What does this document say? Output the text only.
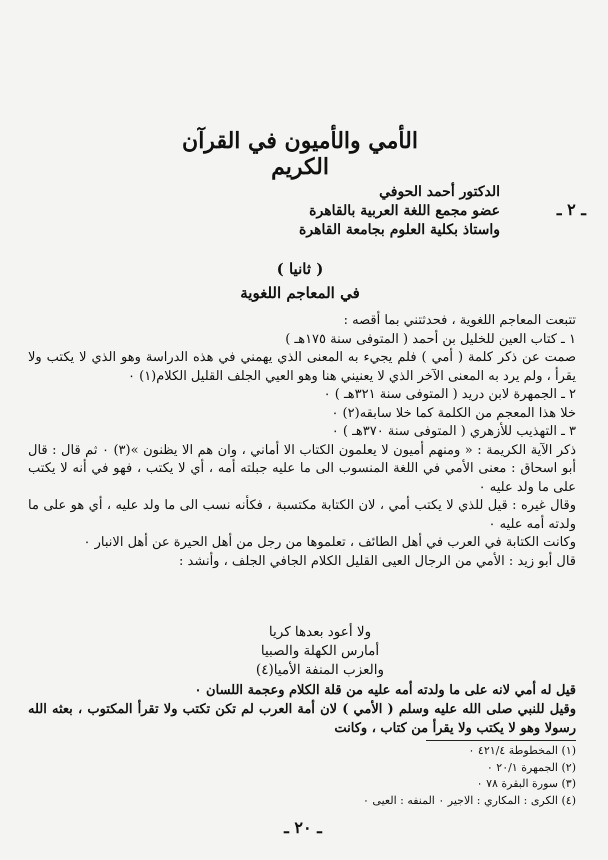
الأمي والأميون في القرآن الكريم
ـ ٢ ـ
الدكتور أحمد الحوفي
عضو مجمع اللغة العربية بالقاهرة
واستاذ بكلية العلوم بجامعة القاهرة
( ثانيا )
في المعاجم اللغوية

تتبعت المعاجم اللغوية ، فحدثتني بما أقصه :

١ ـ كتاب العين للخليل بن أحمد ( المتوفى سنة ١٧٥هـ )

صمت عن ذكر كلمة ( أمي ) فلم يجيء به المعنى الذي يهمني في هذه الدراسة وهو الذي لا يكتب ولا يقرأ ، ولم يرد به المعنى الآخر الذي لا يعنيني هنا وهو العيي الجلف القليل الكلام(١) ٠

٢ ـ الجمهرة لابن دريد ( المتوفى سنة ٣٢١هـ ) ٠

خلا هذا المعجم من الكلمة كما خلا سابقه(٢) ٠

٣ ـ التهذيب للأزهري ( المتوفى سنة ٣٧٠هـ ) ٠

ذكر الآية الكريمة : « ومنهم أميون لا يعلمون الكتاب الا أماني ، وان هم الا يظنون »(٣) ٠ ثم قال : قال أبو اسحاق : معنى الأمي في اللغة المنسوب الى ما عليه جبلته أمه ، أي لا يكتب ، فهو في أنه لا يكتب على ما ولد عليه ٠

وقال غيره : قيل للذي لا يكتب أمي ، لان الكتابة مكتسبة ، فكأنه نسب الى ما ولد عليه ، أي هو على ما ولدته أمه عليه ٠

وكانت الكتابة في العرب في أهل الطائف ، تعلموها من رجل من أهل الحيرة عن أهل الانبار ٠

قال أبو زيد : الأمي من الرجال العيى القليل الكلام الجافي الجلف ، وأنشد :

ولا أعود بعدها كريا
أمارس الكهلة والصبيا
والعزب المنفة الأميا(٤)

قيل له أمي لانه على ما ولدته أمه عليه من قلة الكلام وعجمة اللسان ٠

وقيل للنبي صلى الله عليه وسلم ( الأمي ) لان أمة العرب لم تكن تكتب ولا تقرأ المكتوب ، بعثه الله رسولا وهو لا يكتب ولا يقرأ من كتاب ، وكانت

(١) المخطوطة ٤٢١/٤ ٠
(٢) الجمهرة ٢٠/١ ٠
(٣) سورة البقرة ٧٨ ٠
(٤) الكرى : المكاري : الاجير ٠ المنفه : العيى ٠
ـ ٢٠ ـ
